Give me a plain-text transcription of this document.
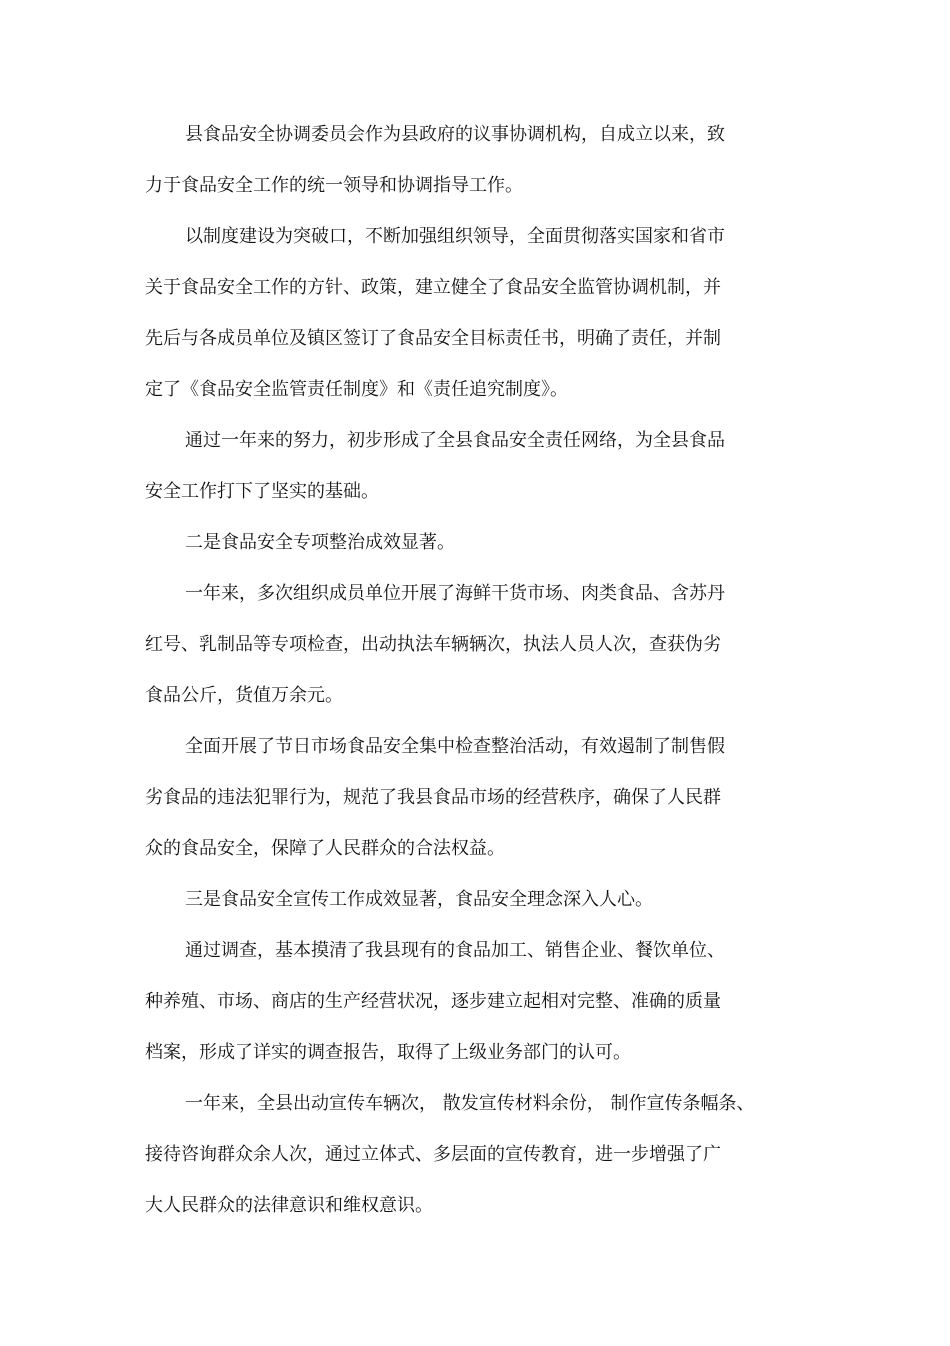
县食品安全协调委员会作为县政府的议事协调机构，自成立以来，致
力于食品安全工作的统一领导和协调指导工作。
以制度建设为突破口，不断加强组织领导，全面贯彻落实国家和省市
关于食品安全工作的方针、政策，建立健全了食品安全监管协调机制，并
先后与各成员单位及镇区签订了食品安全目标责任书，明确了责任，并制
定了《食品安全监管责任制度》和《责任追究制度》。
通过一年来的努力，初步形成了全县食品安全责任网络，为全县食品
安全工作打下了坚实的基础。
二是食品安全专项整治成效显著。
一年来，多次组织成员单位开展了海鲜干货市场、肉类食品、含苏丹
红号、乳制品等专项检查，出动执法车辆辆次，执法人员人次，查获伪劣
食品公斤，货值万余元。
全面开展了节日市场食品安全集中检查整治活动，有效遏制了制售假
劣食品的违法犯罪行为，规范了我县食品市场的经营秩序，确保了人民群
众的食品安全，保障了人民群众的合法权益。
三是食品安全宣传工作成效显著，食品安全理念深入人心。
通过调查，基本摸清了我县现有的食品加工、销售企业、餐饮单位、
种养殖、市场、商店的生产经营状况，逐步建立起相对完整、准确的质量
档案，形成了详实的调查报告，取得了上级业务部门的认可。
一年来，全县出动宣传车辆次， 散发宣传材料余份， 制作宣传条幅条、
接待咨询群众余人次，通过立体式、多层面的宣传教育，进一步增强了广
大人民群众的法律意识和维权意识。
